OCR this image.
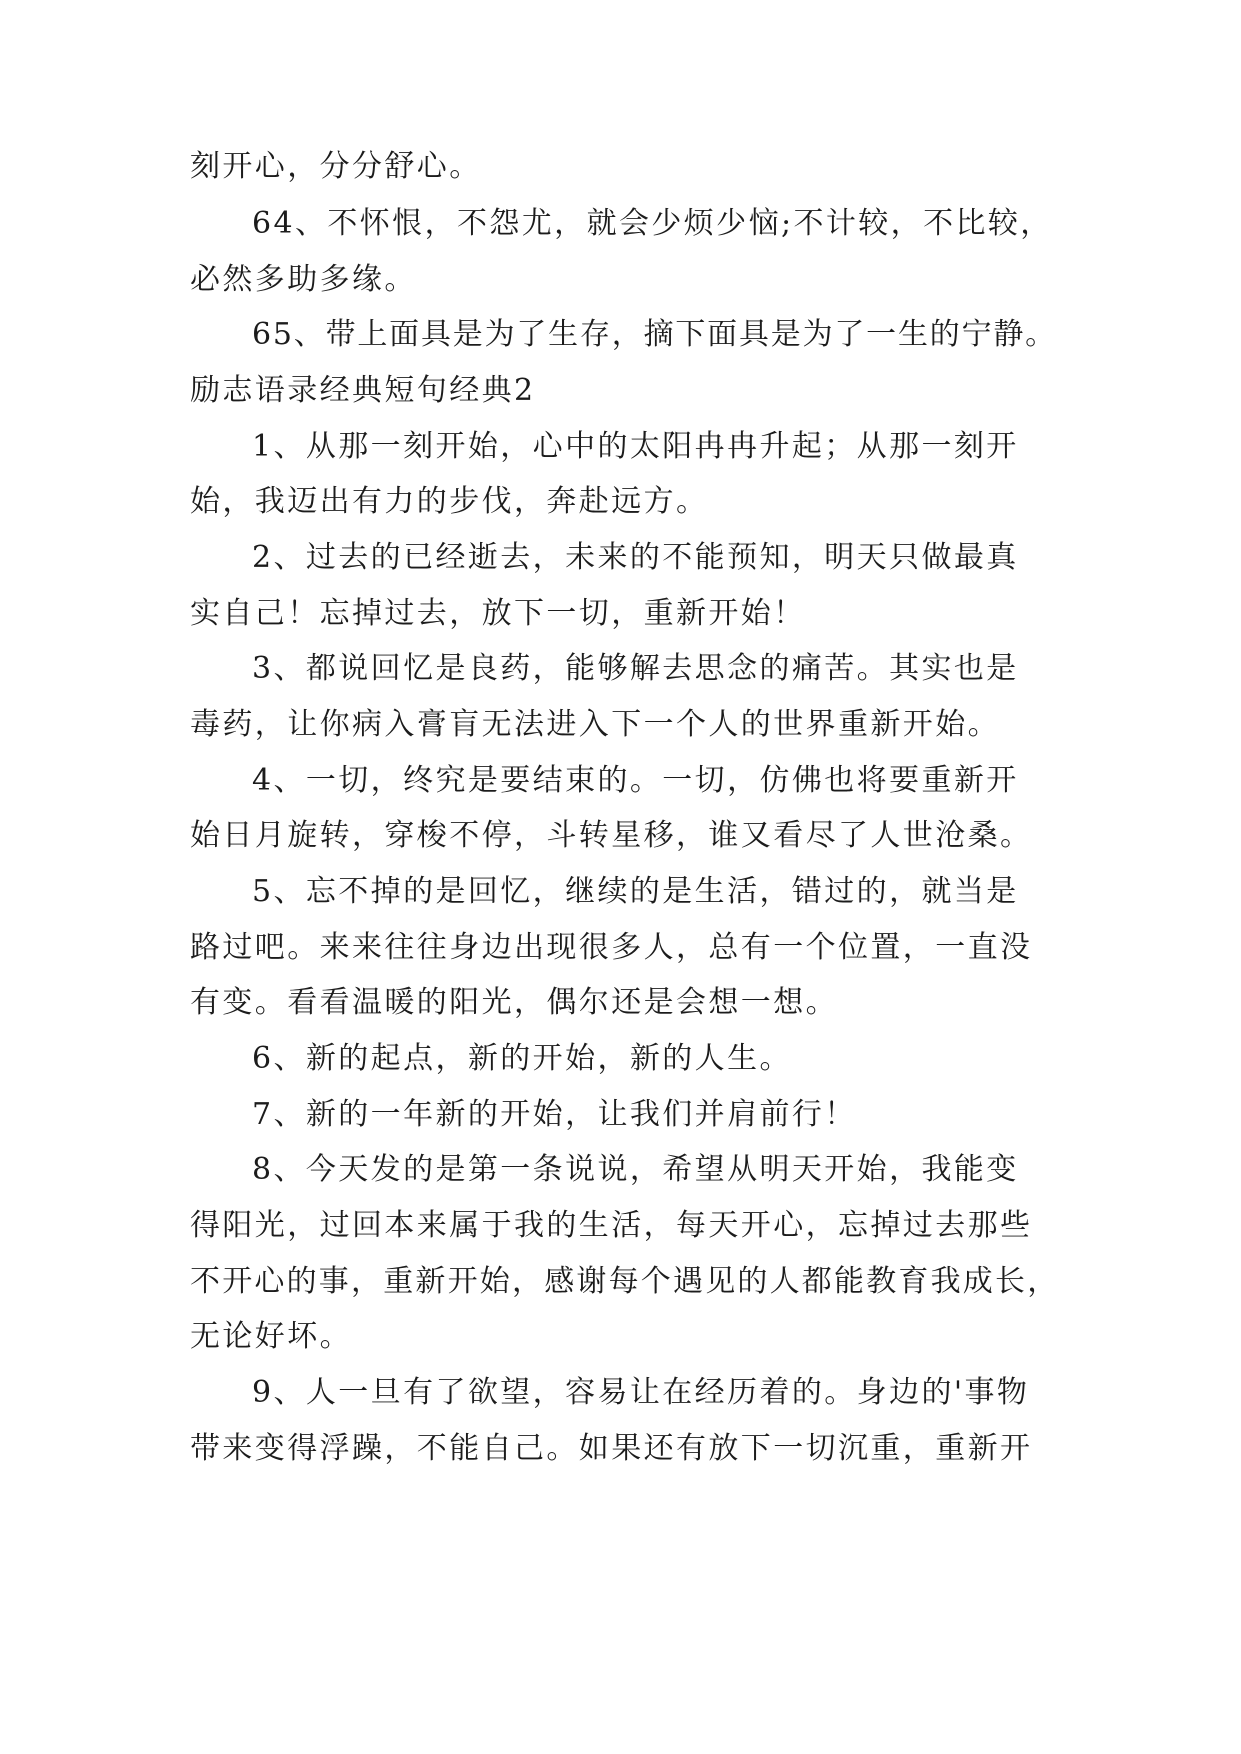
刻开心，分分舒心。
64、不怀恨，不怨尤，就会少烦少恼;不计较，不比较，
必然多助多缘。
65、带上面具是为了生存，摘下面具是为了一生的宁静。
励志语录经典短句经典2
1、从那一刻开始，心中的太阳冉冉升起；从那一刻开
始，我迈出有力的步伐，奔赴远方。
2、过去的已经逝去，未来的不能预知，明天只做最真
实自己！忘掉过去，放下一切，重新开始！
3、都说回忆是良药，能够解去思念的痛苦。其实也是
毒药，让你病入膏肓无法进入下一个人的世界重新开始。
4、一切，终究是要结束的。一切，仿佛也将要重新开
始日月旋转，穿梭不停，斗转星移，谁又看尽了人世沧桑。
5、忘不掉的是回忆，继续的是生活，错过的，就当是
路过吧。来来往往身边出现很多人，总有一个位置，一直没
有变。看看温暖的阳光，偶尔还是会想一想。
6、新的起点，新的开始，新的人生。
7、新的一年新的开始，让我们并肩前行！
8、今天发的是第一条说说，希望从明天开始，我能变
得阳光，过回本来属于我的生活，每天开心，忘掉过去那些
不开心的事，重新开始，感谢每个遇见的人都能教育我成长，
无论好坏。
9、人一旦有了欲望，容易让在经历着的。身边的'事物
带来变得浮躁，不能自己。如果还有放下一切沉重，重新开
